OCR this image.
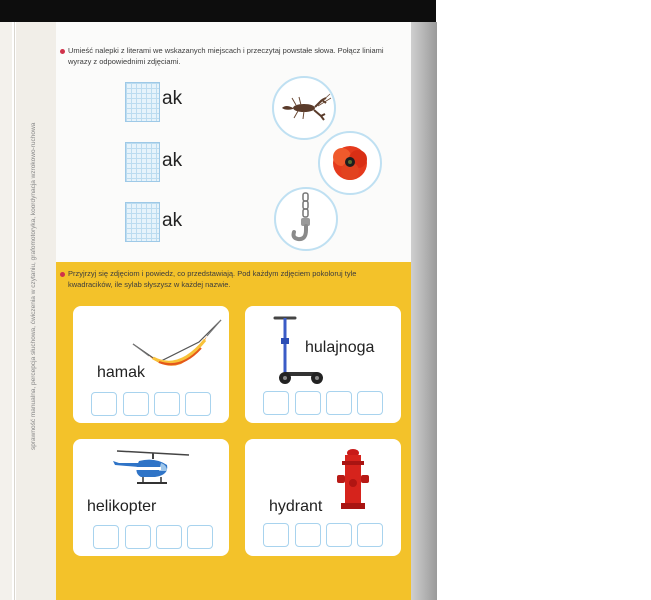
sprawność manualna, percepcja słuchowa, ćwiczenia w czytaniu, grafomotoryka, koordynacja wzrokowo-ruchowa

Umieść nalepki z literami we wskazanych miejscach i przeczytaj powstałe słowa. Połącz liniami wyrazy z odpowiednimi zdjęciami.

ak
ak
ak

Przyjrzyj się zdjęciom i powiedz, co przedstawiają. Pod każdym zdjęciem pokoloruj tyle kwadracików, ile sylab słyszysz w każdej nazwie.

hamak
hulajnoga
helikopter	hydrant
